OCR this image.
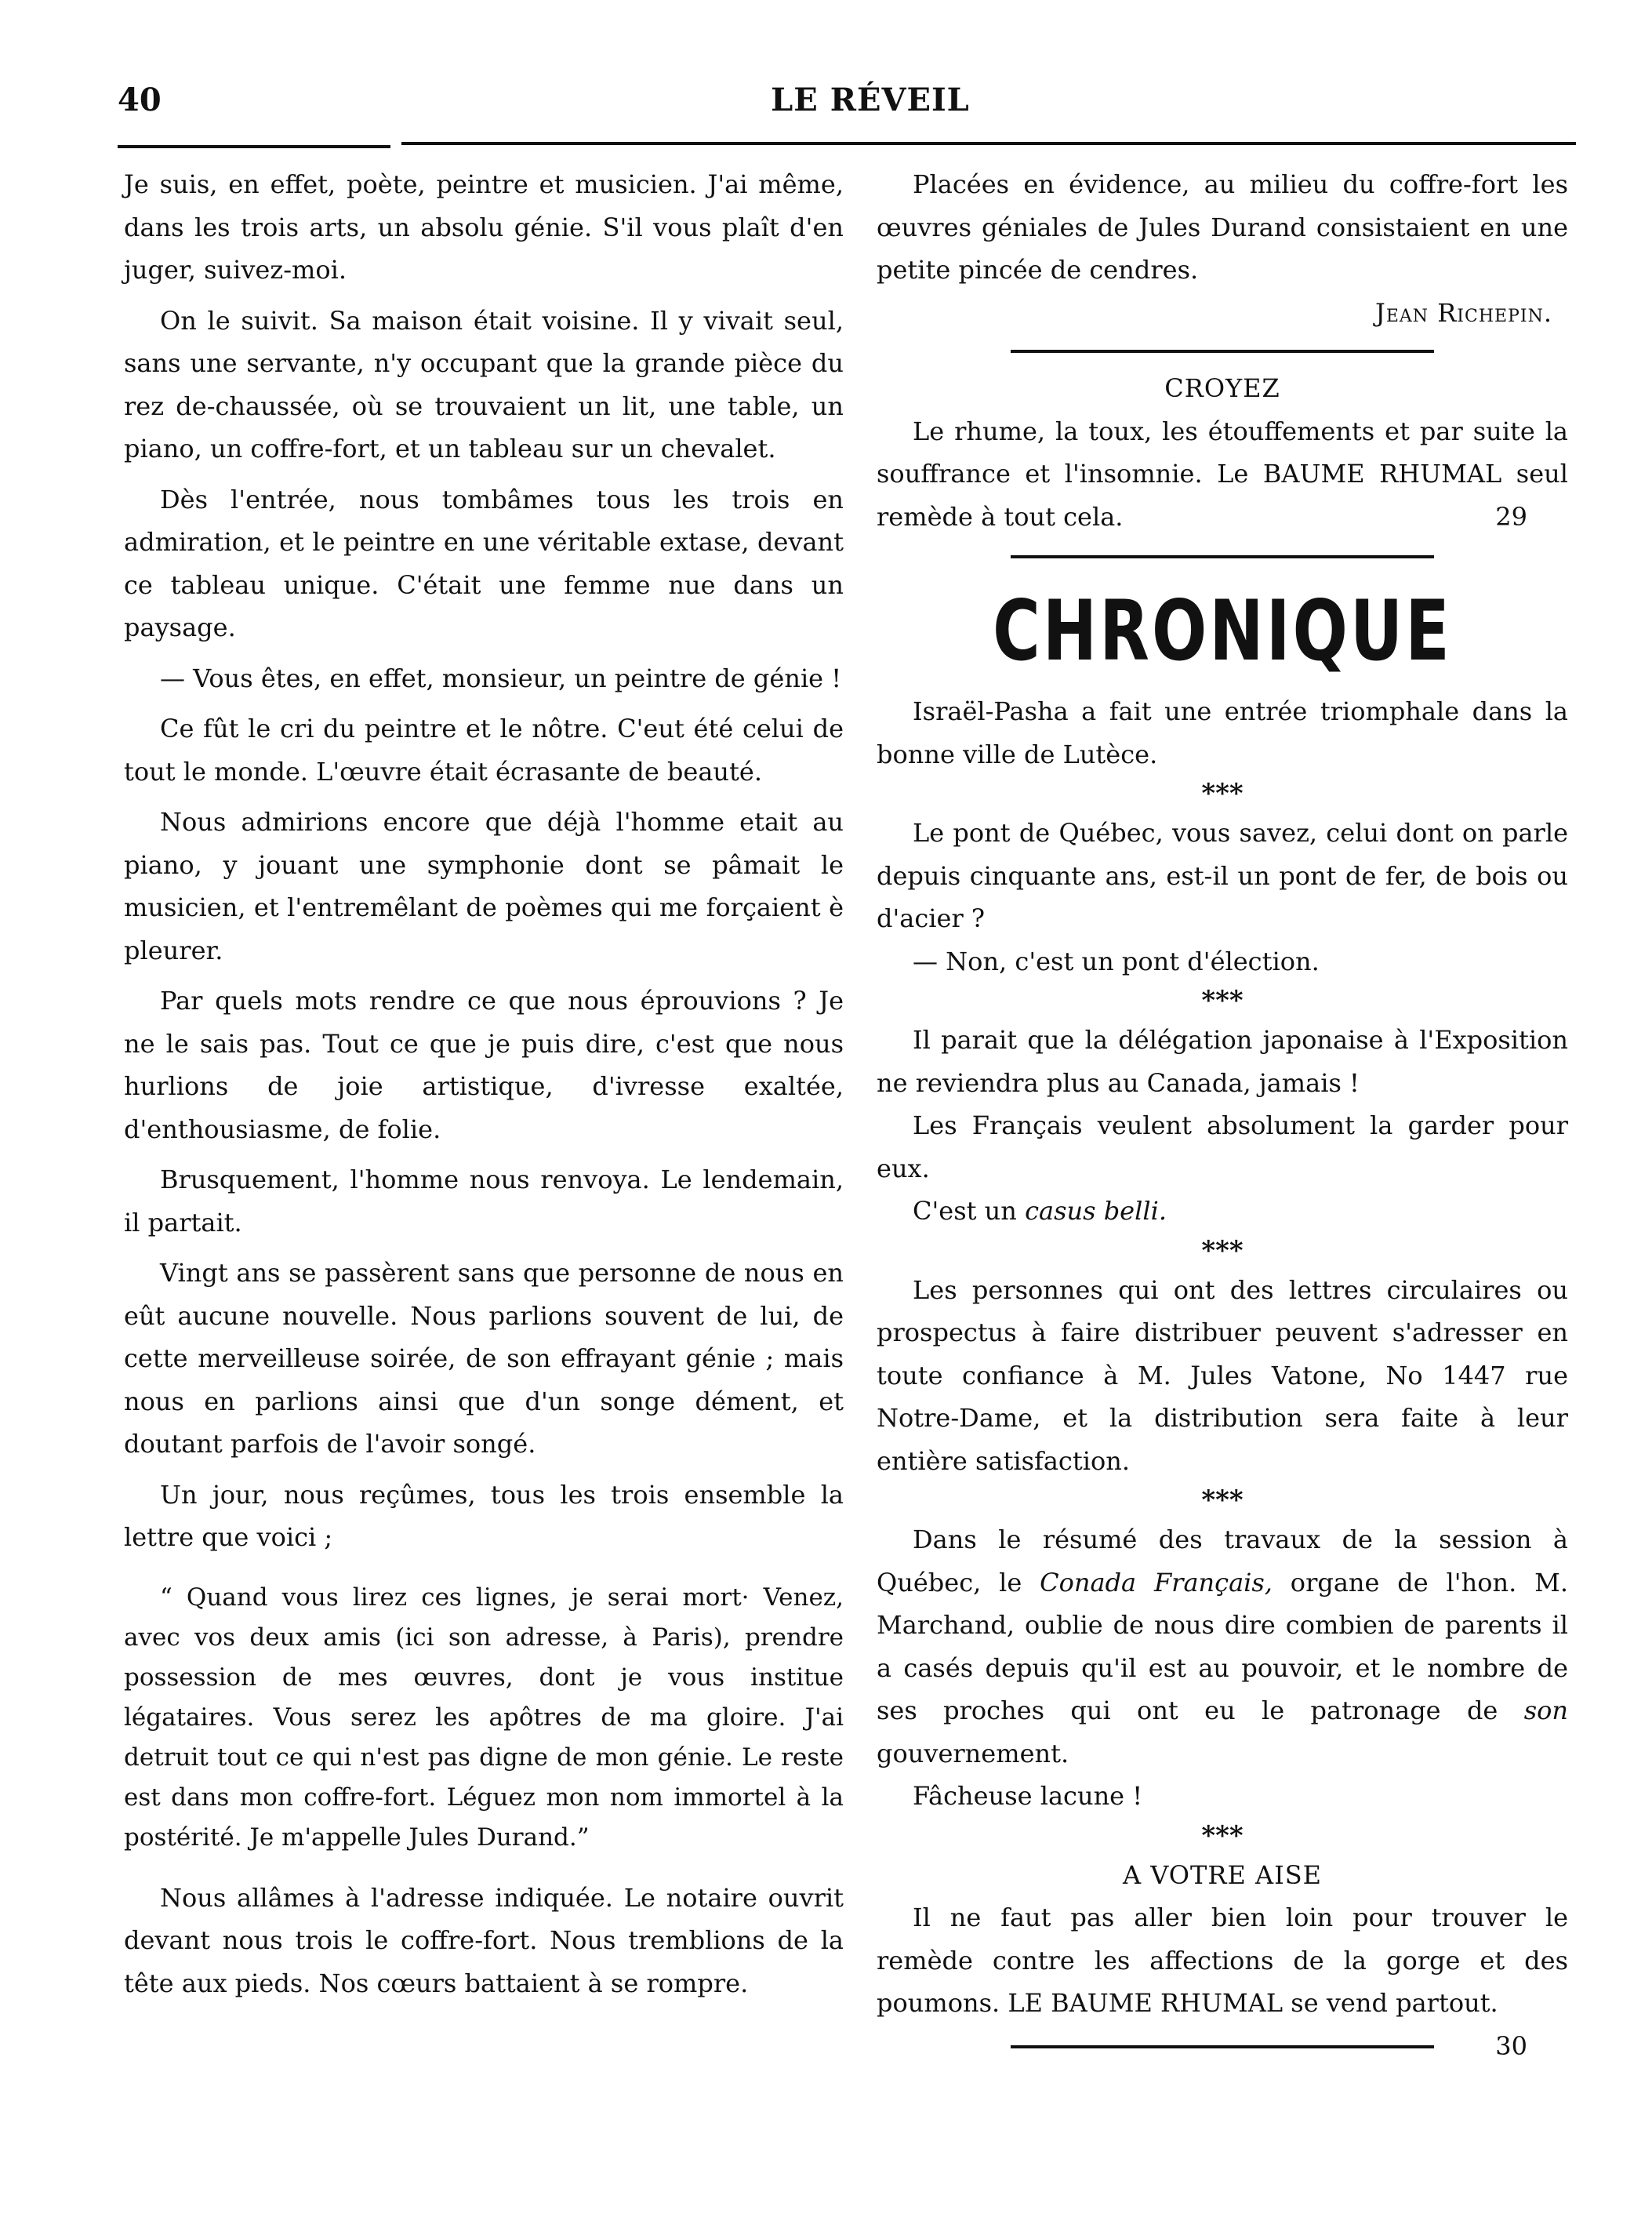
40	LE RÉVEIL

Je suis, en effet, poète, peintre et musicien. J'ai même, dans les trois arts, un absolu génie. S'il vous plaît d'en juger, suivez-moi.

On le suivit. Sa maison était voisine. Il y vivait seul, sans une servante, n'y occupant que la grande pièce du rez de-chaussée, où se trouvaient un lit, une table, un piano, un coffre-fort, et un tableau sur un chevalet.

Dès l'entrée, nous tombâmes tous les trois en admiration, et le peintre en une véritable extase, devant ce tableau unique. C'était une femme nue dans un paysage.

— Vous êtes, en effet, monsieur, un peintre de génie !

Ce fût le cri du peintre et le nôtre. C'eut été celui de tout le monde. L'œuvre était écrasante de beauté.

Nous admirions encore que déjà l'homme etait au piano, y jouant une symphonie dont se pâmait le musicien, et l'entremêlant de poèmes qui me forçaient è pleurer.

Par quels mots rendre ce que nous éprouvions ? Je ne le sais pas. Tout ce que je puis dire, c'est que nous hurlions de joie artistique, d'ivresse exaltée, d'enthousiasme, de folie.

Brusquement, l'homme nous renvoya. Le lendemain, il partait.

Vingt ans se passèrent sans que personne de nous en eût aucune nouvelle. Nous parlions souvent de lui, de cette merveilleuse soirée, de son effrayant génie ; mais nous en parlions ainsi que d'un songe dément, et doutant parfois de l'avoir songé.

Un jour, nous reçûmes, tous les trois ensemble la lettre que voici ;

“ Quand vous lirez ces lignes, je serai mort· Venez, avec vos deux amis (ici son adresse, à Paris), prendre possession de mes œuvres, dont je vous institue légataires. Vous serez les apôtres de ma gloire. J'ai detruit tout ce qui n'est pas digne de mon génie. Le reste est dans mon coffre-fort. Léguez mon nom immortel à la postérité. Je m'appelle Jules Durand.”

Nous allâmes à l'adresse indiquée. Le notaire ouvrit devant nous trois le coffre-fort. Nous tremblions de la tête aux pieds. Nos cœurs battaient à se rompre.

Placées en évidence, au milieu du coffre-fort les œuvres géniales de Jules Durand consistaient en une petite pincée de cendres.

Jean Richepin.

CROYEZ

Le rhume, la toux, les étouffements et par suite la souffrance et l'insomnie. Le BAUME RHUMAL seul remède à tout cela.	29

CHRONIQUE

Israël-Pasha a fait une entrée triomphale dans la bonne ville de Lutèce.

***

Le pont de Québec, vous savez, celui dont on parle depuis cinquante ans, est-il un pont de fer, de bois ou d'acier ?

— Non, c'est un pont d'élection.

***

Il parait que la délégation japonaise à l'Exposition ne reviendra plus au Canada, jamais !

Les Français veulent absolument la garder pour eux.

C'est un casus belli.

***

Les personnes qui ont des lettres circulaires ou prospectus à faire distribuer peuvent s'adresser en toute confiance à M. Jules Vatone, No 1447 rue Notre-Dame, et la distribution sera faite à leur entière satisfaction.

***

Dans le résumé des travaux de la session à Québec, le Conada Français, organe de l'hon. M. Marchand, oublie de nous dire combien de parents il a casés depuis qu'il est au pouvoir, et le nombre de ses proches qui ont eu le patronage de son gouvernement.

Fâcheuse lacune !

***

A VOTRE AISE

Il ne faut pas aller bien loin pour trouver le remède contre les affections de la gorge et des poumons. LE BAUME RHUMAL se vend partout.
30
